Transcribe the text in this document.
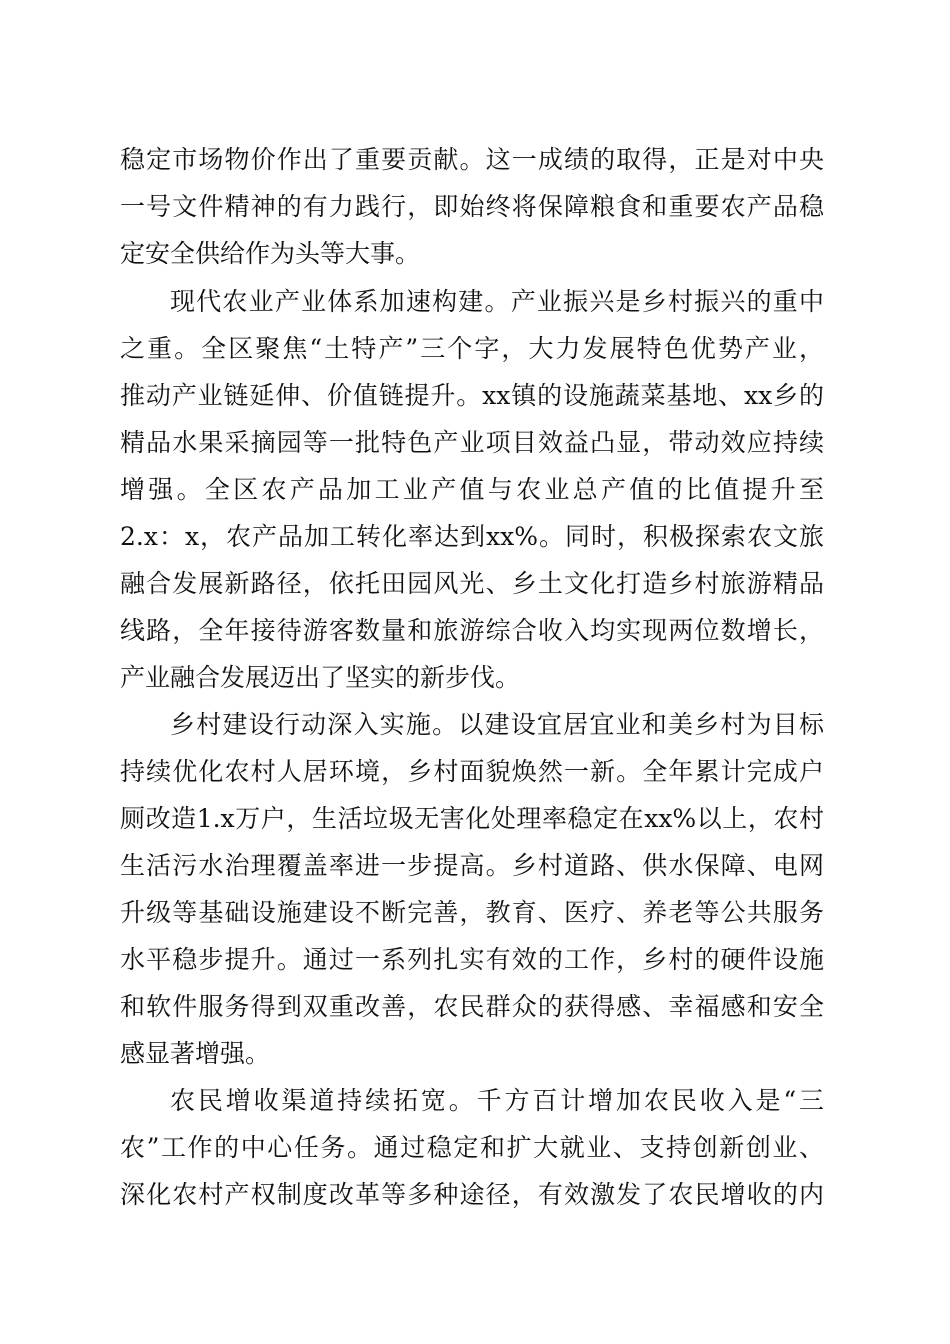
稳定市场物价作出了重要贡献。这一成绩的取得，正是对中央
一号文件精神的有力践行，即始终将保障粮食和重要农产品稳
定安全供给作为头等大事。
现代农业产业体系加速构建。产业振兴是乡村振兴的重中
之重。全区聚焦“土特产”三个字，大力发展特色优势产业，
推动产业链延伸、价值链提升。xx镇的设施蔬菜基地、xx乡的
精品水果采摘园等一批特色产业项目效益凸显，带动效应持续
增强。全区农产品加工业产值与农业总产值的比值提升至
2.x：x，农产品加工转化率达到xx%。同时，积极探索农文旅
融合发展新路径，依托田园风光、乡土文化打造乡村旅游精品
线路，全年接待游客数量和旅游综合收入均实现两位数增长，
产业融合发展迈出了坚实的新步伐。
乡村建设行动深入实施。以建设宜居宜业和美乡村为目标
持续优化农村人居环境，乡村面貌焕然一新。全年累计完成户
厕改造1.x万户，生活垃圾无害化处理率稳定在xx%以上，农村
生活污水治理覆盖率进一步提高。乡村道路、供水保障、电网
升级等基础设施建设不断完善，教育、医疗、养老等公共服务
水平稳步提升。通过一系列扎实有效的工作，乡村的硬件设施
和软件服务得到双重改善，农民群众的获得感、幸福感和安全
感显著增强。
农民增收渠道持续拓宽。千方百计增加农民收入是“三
农”工作的中心任务。通过稳定和扩大就业、支持创新创业、
深化农村产权制度改革等多种途径，有效激发了农民增收的内
